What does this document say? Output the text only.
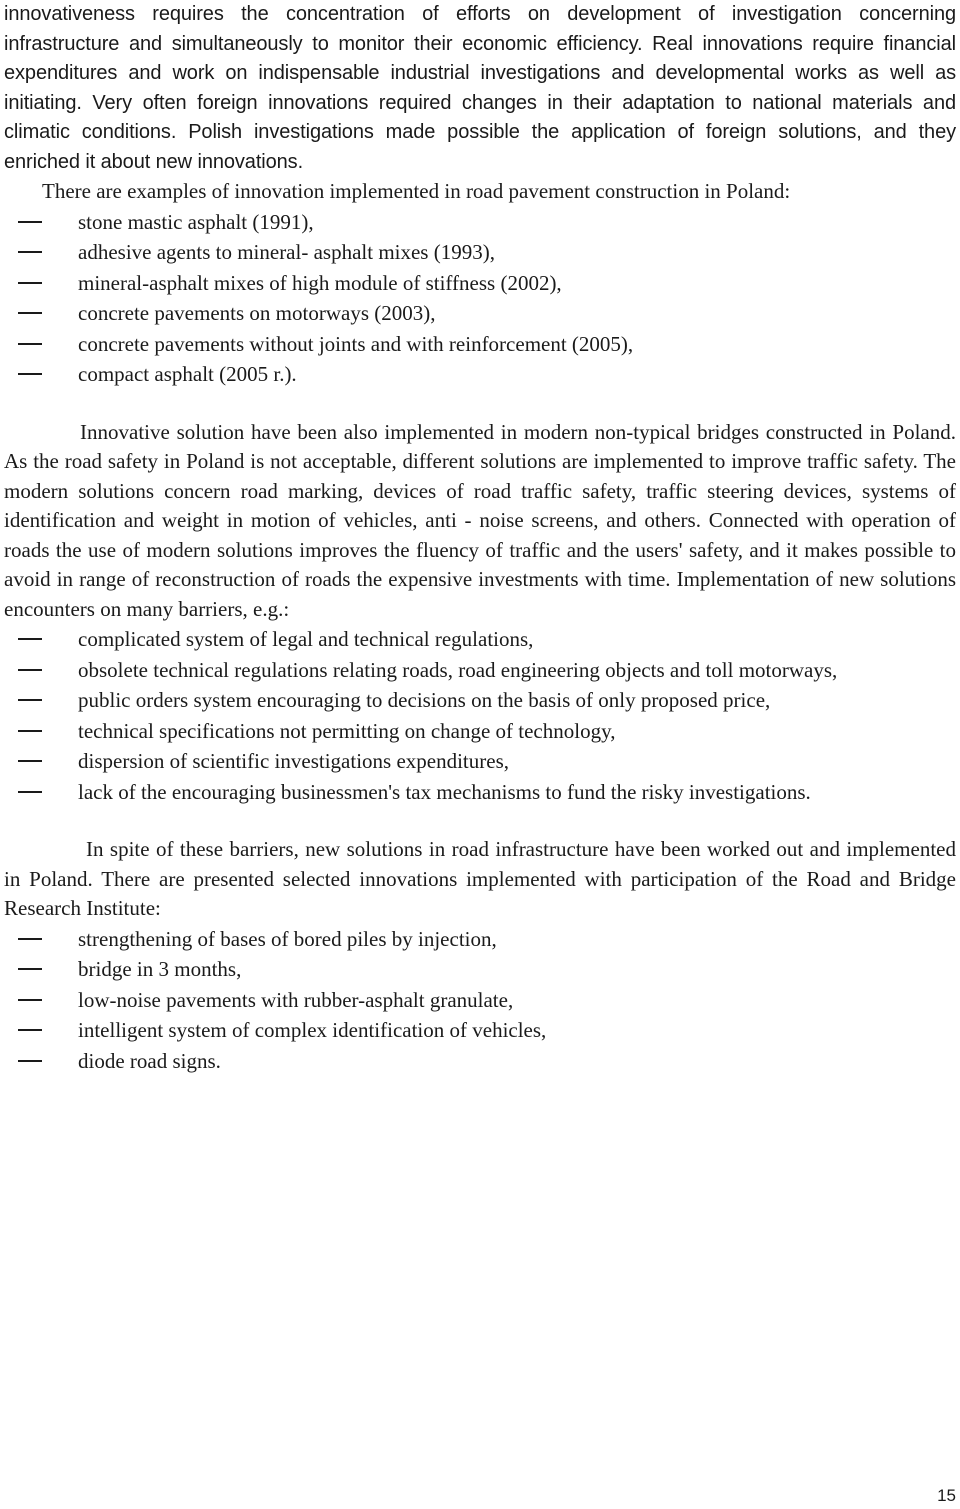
innovativeness requires the concentration of efforts on development of investigation concerning infrastructure and simultaneously to monitor their economic efficiency. Real innovations require financial expenditures and work on indispensable industrial investigations and developmental works as well as initiating. Very often foreign innovations required changes in their adaptation to national materials and climatic conditions. Polish investigations made possible the application of foreign solutions, and they enriched it about new innovations.

There are examples of innovation implemented in road pavement construction in Poland:

stone mastic asphalt (1991),
adhesive agents to mineral- asphalt mixes (1993),
mineral-asphalt mixes of high module of stiffness (2002),
concrete pavements on motorways (2003),
concrete pavements without joints and with reinforcement (2005),
compact asphalt (2005 r.).

Innovative solution have been also implemented in modern non-typical bridges constructed in Poland. As the road safety in Poland is not acceptable, different solutions are implemented to improve traffic safety. The modern solutions concern road marking, devices of road traffic safety, traffic steering devices, systems of identification and weight in motion of vehicles, anti - noise screens, and others. Connected with operation of roads the use of modern solutions improves the fluency of traffic and the users' safety, and it makes possible to avoid in range of reconstruction of roads the expensive investments with time. Implementation of new solutions encounters on many barriers, e.g.:

complicated system of legal and technical regulations,
obsolete technical regulations relating roads, road engineering objects and toll motorways,
public orders system encouraging to decisions on the basis of only proposed price,
technical specifications not permitting on change of technology,
dispersion of scientific investigations expenditures,
lack of the encouraging businessmen's tax mechanisms to fund the risky investigations.

In spite of these barriers, new solutions in road infrastructure have been worked out and implemented in Poland. There are presented selected innovations implemented with participation of the Road and Bridge Research Institute:

strengthening of bases of bored piles by injection,
bridge in 3 months,
low-noise pavements with rubber-asphalt granulate,
intelligent system of complex identification of vehicles,
diode road signs.
15
